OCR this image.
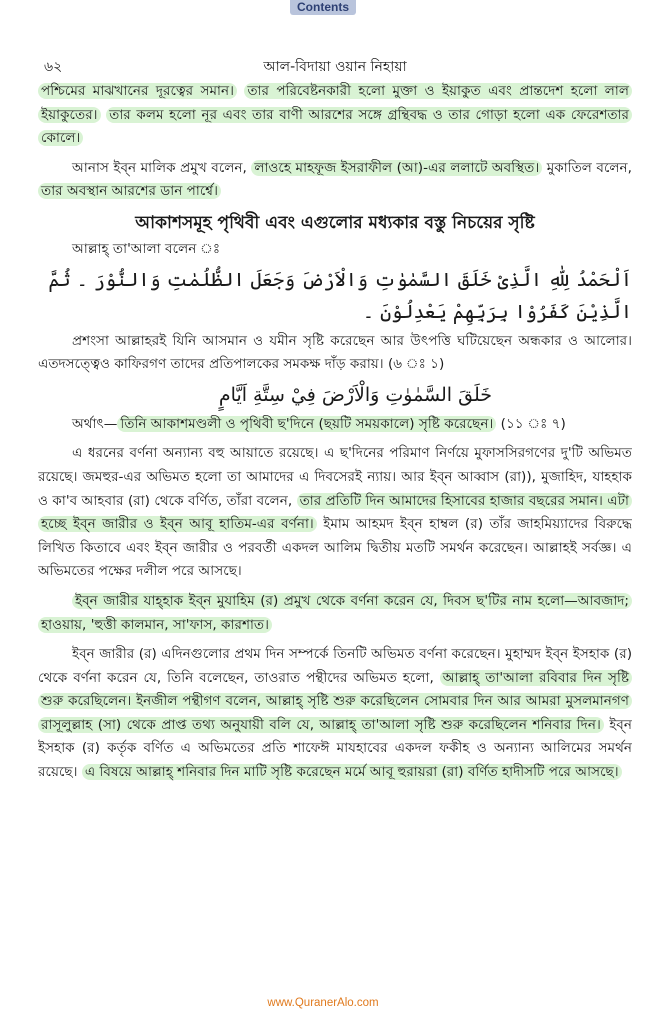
Contents
৬২	আল-বিদায়া ওয়ান নিহায়া

পশ্চিমের মাঝখানের দূরত্বের সমান। তার পরিবেষ্টনকারী হলো মুক্তা ও ইয়াকুত এবং প্রান্তদেশ হলো লাল ইয়াকুতের। তার কলম হলো নূর এবং তার বাণী আরশের সঙ্গে গ্রন্থিবদ্ধ ও তার গোড়া হলো এক ফেরেশতার কোলে।

আনাস ইব্‌ন মালিক প্রমুখ বলেন, লাওহে মাহফূজ ইসরাফীল (আ)-এর ললাটে অবস্থিত। মুকাতিল বলেন, তার অবস্থান আরশের ডান পার্শ্বে।

আকাশসমূহ পৃথিবী এবং এগুলোর মধ্যকার বস্তু নিচয়ের সৃষ্টি

আল্লাহ্ তা'আলা বলেন ঃ

اَلْحَمْدُ لِلّٰهِ الَّذِىْ خَلَقَ السَّمٰوٰتِ وَالْاَرْضَ وَجَعَلَ الظُّلُمٰتِ وَالنُّوْرَ ۔ ثُمَّ الَّذِيْنَ كَفَرُوْا بِرَبِّهِمْ يَعْدِلُوْنَ ۔

প্রশংসা আল্লাহরই যিনি আসমান ও যমীন সৃষ্টি করেছেন আর উৎপত্তি ঘটিয়েছেন অন্ধকার ও আলোর। এতদসত্ত্বেও কাফিরগণ তাদের প্রতিপালকের সমকক্ষ দাঁড় করায়। (৬ ঃ ১)

خَلَقَ السَّمٰوٰتِ وَالْاَرْضَ فِيْ سِتَّةِ اَيَّامٍ

অর্থাৎ— তিনি আকাশমণ্ডলী ও পৃথিবী ছ'দিনে (ছয়টি সময়কালে) সৃষ্টি করেছেন। (১১ ঃ ৭)

এ ধরনের বর্ণনা অন্যান্য বহু আয়াতে রয়েছে। এ ছ'দিনের পরিমাণ নির্ণয়ে মুফাসসিরগণের দু'টি অভিমত রয়েছে। জমহুর-এর অভিমত হলো তা আমাদের এ দিবসেরই ন্যায়। আর ইব্‌ন আব্বাস (রা)), মুজাহিদ, যাহহাক ও কা'ব আহবার (রা) থেকে বর্ণিত, তাঁরা বলেন, তার প্রতিটি দিন আমাদের হিসাবের হাজার বছরের সমান। এটা হচ্ছে ইব্‌ন জারীর ও ইব্‌ন আবূ হাতিম-এর বর্ণনা। ইমাম আহমদ ইব্‌ন হাম্বল (র) তাঁর জাহমিয়্যাদের বিরুদ্ধে লিখিত কিতাবে এবং ইব্‌ন জারীর ও পরবর্তী একদল আলিম দ্বিতীয় মতটি সমর্থন করেছেন। আল্লাহই সর্বজ্ঞ। এ অভিমতের পক্ষের দলীল পরে আসছে।

ইব্‌ন জারীর যাহ্হাক ইব্‌ন মুযাহিম (র) প্রমুখ থেকে বর্ণনা করেন যে, দিবস ছ'টির নাম হলো—আবজাদ; হাওয়ায়, 'হুত্তী কালমান, সা'ফাস, কারশাত।

ইব্‌ন জারীর (র) এদিনগুলোর প্রথম দিন সম্পর্কে তিনটি অভিমত বর্ণনা করেছেন। মুহাম্মদ ইব্‌ন ইসহাক (র) থেকে বর্ণনা করেন যে, তিনি বলেছেন, তাওরাত পন্থীদের অভিমত হলো, আল্লাহ্ তা'আলা রবিবার দিন সৃষ্টি শুরু করেছিলেন। ইনজীল পন্থীগণ বলেন, আল্লাহ্ সৃষ্টি শুরু করেছিলেন সোমবার দিন আর আমরা মুসলমানগণ রাসূলুল্লাহ (সা) থেকে প্রাপ্ত তথ্য অনুযায়ী বলি যে, আল্লাহ্ তা'আলা সৃষ্টি শুরু করেছিলেন শনিবার দিন। ইব্‌ন ইসহাক (র) কর্তৃক বর্ণিত এ অভিমতের প্রতি শাফেঈ মাযহাবের একদল ফকীহ ও অন্যান্য আলিমের সমর্থন রয়েছে। এ বিষয়ে আল্লাহ্ শনিবার দিন মাটি সৃষ্টি করেছেন মর্মে আবূ হুরায়রা (রা) বর্ণিত হাদীসটি পরে আসছে।

www.QuranerAlo.com
